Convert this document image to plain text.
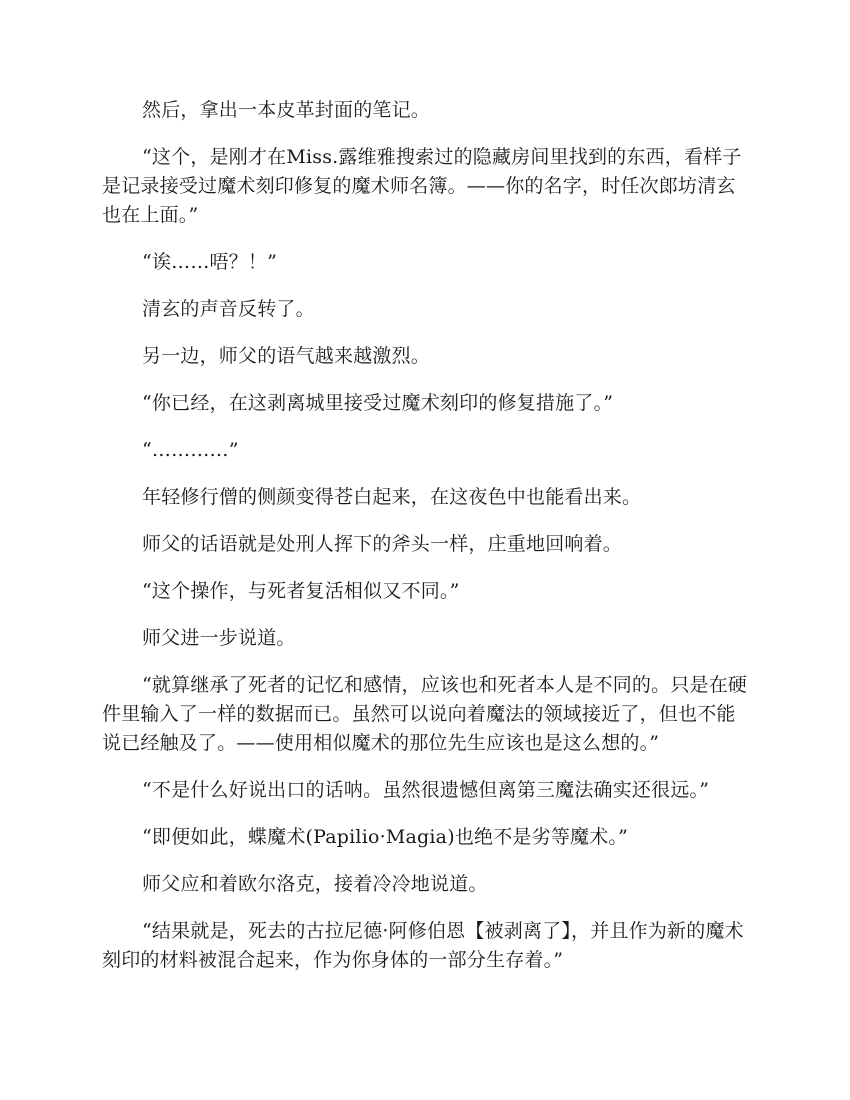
然后，拿出一本皮革封面的笔记。

“这个，是刚才在Miss.露维雅搜索过的隐藏房间里找到的东西，看样子是记录接受过魔术刻印修复的魔术师名簿。——你的名字，时任次郎坊清玄也在上面。”

“诶……唔？！”

清玄的声音反转了。

另一边，师父的语气越来越激烈。

“你已经，在这剥离城里接受过魔术刻印的修复措施了。”

“…………”

年轻修行僧的侧颜变得苍白起来，在这夜色中也能看出来。

师父的话语就是处刑人挥下的斧头一样，庄重地回响着。

“这个操作，与死者复活相似又不同。”

师父进一步说道。

“就算继承了死者的记忆和感情，应该也和死者本人是不同的。只是在硬件里输入了一样的数据而已。虽然可以说向着魔法的领域接近了，但也不能说已经触及了。——使用相似魔术的那位先生应该也是这么想的。”

“不是什么好说出口的话呐。虽然很遗憾但离第三魔法确实还很远。”

“即便如此，蝶魔术(Papilio·Magia)也绝不是劣等魔术。”

师父应和着欧尔洛克，接着冷冷地说道。

“结果就是，死去的古拉尼德·阿修伯恩【被剥离了】，并且作为新的魔术刻印的材料被混合起来，作为你身体的一部分生存着。”
